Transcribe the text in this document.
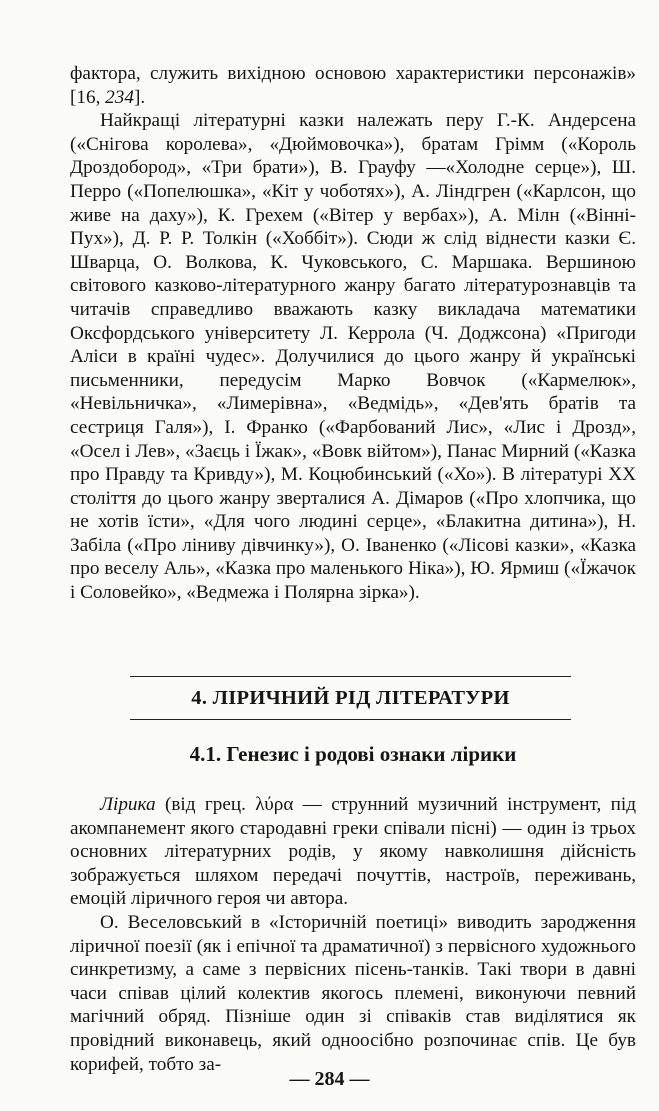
фактора, служить вихідною основою характеристики персонажів» [16, 234].

Найкращі літературні казки належать перу Г.-К. Андерсена («Снігова королева», «Дюймовочка»), братам Грімм («Король Дроздобород», «Три брати»), В. Грауфу —«Холодне серце»), Ш. Перро («Попелюшка», «Кіт у чоботях»), А. Ліндгрен («Карлсон, що живе на даху»), К. Грехем («Вітер у вербах»), А. Мілн («Вінні-Пух»), Д. Р. Р. Толкін («Хоббіт»). Сюди ж слід віднести казки Є. Шварца, О. Волкова, К. Чуковського, С. Маршака. Вершиною світового казково-літературного жанру багато літературознавців та читачів справедливо вважають казку викладача математики Оксфордського університету Л. Керрола (Ч. Доджсона) «Пригоди Аліси в країні чудес». Долучилися до цього жанру й українські письменники, передусім Марко Вовчок («Кармелюк», «Невільничка», «Лимерівна», «Ведмідь», «Дев'ять братів та сестриця Галя»), І. Франко («Фарбований Лис», «Лис і Дрозд», «Осел і Лев», «Заєць і Їжак», «Вовк війтом»), Панас Мирний («Казка про Правду та Кривду»), М. Коцюбинський («Хо»). В літературі XX століття до цього жанру зверталися А. Дімаров («Про хлопчика, що не хотів їсти», «Для чого людині серце», «Блакитна дитина»), Н. Забіла («Про ліниву дівчинку»), О. Іваненко («Лісові казки», «Казка про веселу Аль», «Казка про маленького Ніка»), Ю. Ярмиш («Їжачок і Соловейко», «Ведмежа і Полярна зірка»).

4. ЛІРИЧНИЙ РІД ЛІТЕРАТУРИ
4.1. Генезис і родові ознаки лірики

Лірика (від грец. λύρα — струнний музичний інструмент, під акомпанемент якого стародавні греки співали пісні) — один із трьох основних літературних родів, у якому навколишня дійсність зображується шляхом передачі почуттів, настроїв, переживань, емоцій ліричного героя чи автора.

О. Веселовський в «Історичній поетиці» виводить зародження ліричної поезії (як і епічної та драматичної) з первісного художнього синкретизму, а саме з первісних пісень-танків. Такі твори в давні часи співав цілий колектив якогось племені, виконуючи певний магічний обряд. Пізніше один зі співаків став виділятися як провідний виконавець, який одноосібно розпочинає спів. Це був корифей, тобто за-

— 284 —
